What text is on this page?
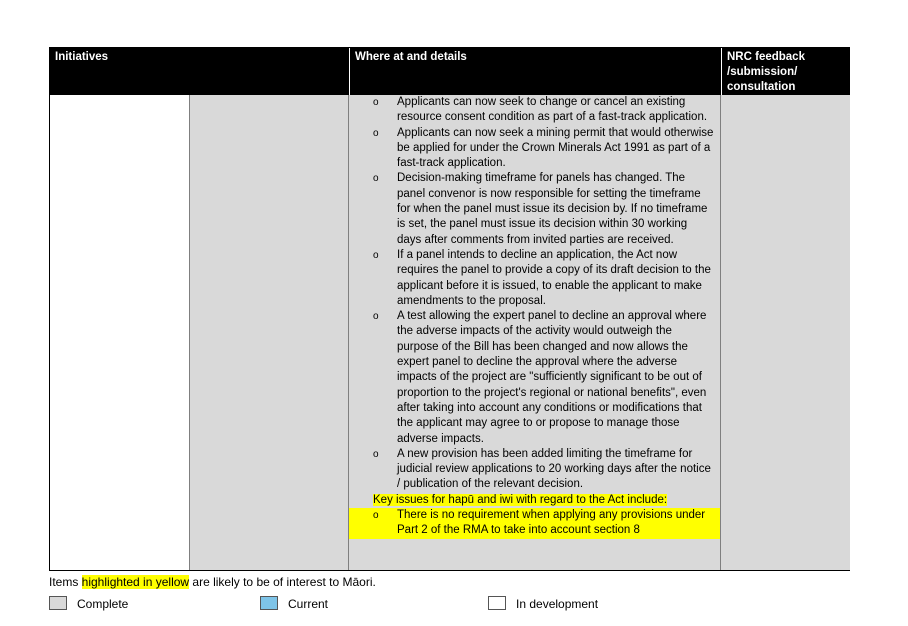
Initiatives	Where at and details	NRC feedback /submission/ consultation
o Applicants can now seek to change or cancel an existing resource consent condition as part of a fast-track application.
o Applicants can now seek a mining permit that would otherwise be applied for under the Crown Minerals Act 1991 as part of a fast-track application.
o Decision-making timeframe for panels has changed. The panel convenor is now responsible for setting the timeframe for when the panel must issue its decision by. If no timeframe is set, the panel must issue its decision within 30 working days after comments from invited parties are received.
o If a panel intends to decline an application, the Act now requires the panel to provide a copy of its draft decision to the applicant before it is issued, to enable the applicant to make amendments to the proposal.
o A test allowing the expert panel to decline an approval where the adverse impacts of the activity would outweigh the purpose of the Bill has been changed and now allows the expert panel to decline the approval where the adverse impacts of the project are "sufficiently significant to be out of proportion to the project's regional or national benefits", even after taking into account any conditions or modifications that the applicant may agree to or propose to manage those adverse impacts.
o A new provision has been added limiting the timeframe for judicial review applications to 20 working days after the notice / publication of the relevant decision.
Key issues for hapū and iwi with regard to the Act include:
o There is no requirement when applying any provisions under Part 2 of the RMA to take into account section 8
Items highlighted in yellow are likely to be of interest to Māori.
Complete	Current	In development
